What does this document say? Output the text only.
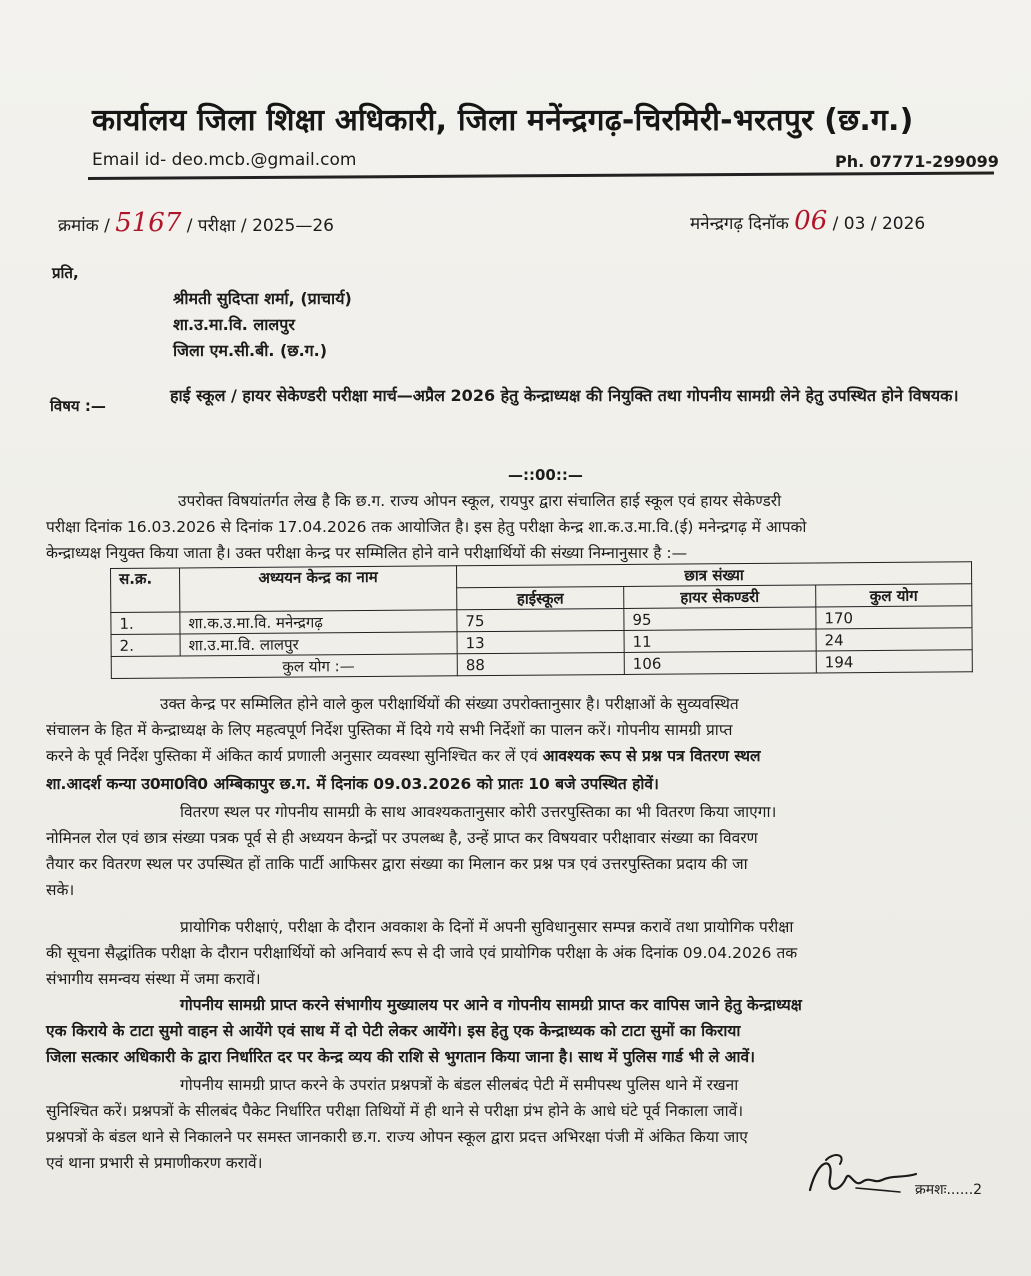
कार्यालय जिला शिक्षा अधिकारी, जिला मनेंन्द्रगढ़-चिरमिरी-भरतपुर (छ.ग.)
Email id- deo.mcb.@gmail.com	Ph. 07771-299099
क्रमांक / 5167 / परीक्षा / 2025—26	मनेन्द्रगढ़ दिनॉक 06 / 03 / 2026
प्रति,
श्रीमती सुदिप्ता शर्मा, (प्राचार्य)
शा.उ.मा.वि. लालपुर
जिला एम.सी.बी. (छ.ग.)
विषय :—
हाई स्कूल / हायर सेकेण्डरी परीक्षा मार्च—अप्रैल 2026 हेतु केन्द्राध्यक्ष की नियुक्ति तथा गोपनीय सामग्री लेने हेतु उपस्थित होने विषयक।
—::00::—
उपरोक्त विषयांतर्गत लेख है कि छ.ग. राज्य ओपन स्कूल, रायपुर द्वारा संचालित हाई स्कूल एवं हायर सेकेण्डरी
परीक्षा दिनांक 16.03.2026 से दिनांक 17.04.2026 तक आयोजित है। इस हेतु परीक्षा केन्द्र शा.क.उ.मा.वि.(ई) मनेन्द्रगढ़ में आपको
केन्द्राध्यक्ष नियुक्त किया जाता है। उक्त परीक्षा केन्द्र पर सम्मिलित होने वाने परीक्षार्थियों की संख्या निम्नानुसार है :—
स.क्र.	अध्ययन केन्द्र का नाम	छात्र संख्या		
		हाईस्कूल	हायर सेकण्डरी	कुल योग
1.	शा.क.उ.मा.वि. मनेन्द्रगढ़	75	95	170
2.	शा.उ.मा.वि. लालपुर	13	11	24
	कुल योग :—	88	106	194
उक्त केन्द्र पर सम्मिलित होने वाले कुल परीक्षार्थियों की संख्या उपरोक्तानुसार है। परीक्षाओं के सुव्यवस्थित
संचालन के हित में केन्द्राध्यक्ष के लिए महत्वपूर्ण निर्देश पुस्तिका में दिये गये सभी निर्देशों का पालन करें। गोपनीय सामग्री प्राप्त
करने के पूर्व निर्देश पुस्तिका में अंकित कार्य प्रणाली अनुसार व्यवस्था सुनिश्चित कर लें एवं आवश्यक रूप से प्रश्न पत्र वितरण स्थल
शा.आदर्श कन्या उ0मा0वि0 अम्बिकापुर छ.ग. में दिनांक 09.03.2026 को प्रातः 10 बजे उपस्थित होवें।
वितरण स्थल पर गोपनीय सामग्री के साथ आवश्यकतानुसार कोरी उत्तरपुस्तिका का भी वितरण किया जाएगा।
नोमिनल रोल एवं छात्र संख्या पत्रक पूर्व से ही अध्ययन केन्द्रों पर उपलब्ध है, उन्हें प्राप्त कर विषयवार परीक्षावार संख्या का विवरण
तैयार कर वितरण स्थल पर उपस्थित हों ताकि पार्टी आफिसर द्वारा संख्या का मिलान कर प्रश्न पत्र एवं उत्तरपुस्तिका प्रदाय की जा
सके।
प्रायोगिक परीक्षाएं, परीक्षा के दौरान अवकाश के दिनों में अपनी सुविधानुसार सम्पन्न करावें तथा प्रायोगिक परीक्षा
की सूचना सैद्धांतिक परीक्षा के दौरान परीक्षार्थियों को अनिवार्य रूप से दी जावे एवं प्रायोगिक परीक्षा के अंक दिनांक 09.04.2026 तक
संभागीय समन्वय संस्था में जमा करावें।
गोपनीय सामग्री प्राप्त करने संभागीय मुख्यालय पर आने व गोपनीय सामग्री प्राप्त कर वापिस जाने हेतु केन्द्राध्यक्ष
एक किराये के टाटा सुमो वाहन से आयेंगे एवं साथ में दो पेटी लेकर आयेंगे। इस हेतु एक केन्द्राध्यक को टाटा सुमों का किराया
जिला सत्कार अधिकारी के द्वारा निर्धारित दर पर केन्द्र व्यय की राशि से भुगतान किया जाना है। साथ में पुलिस गार्ड भी ले आवें।
गोपनीय सामग्री प्राप्त करने के उपरांत प्रश्नपत्रों के बंडल सीलबंद पेटी में समीपस्थ पुलिस थाने में रखना
सुनिश्चित करें। प्रश्नपत्रों के सीलबंद पैकेट निर्धारित परीक्षा तिथियों में ही थाने से परीक्षा प्रंभ होने के आधे घंटे पूर्व निकाला जावें।
प्रश्नपत्रों के बंडल थाने से निकालने पर समस्त जानकारी छ.ग. राज्य ओपन स्कूल द्वारा प्रदत्त अभिरक्षा पंजी में अंकित किया जाए
एवं थाना प्रभारी से प्रमाणीकरण करावें।
क्रमशः......2
